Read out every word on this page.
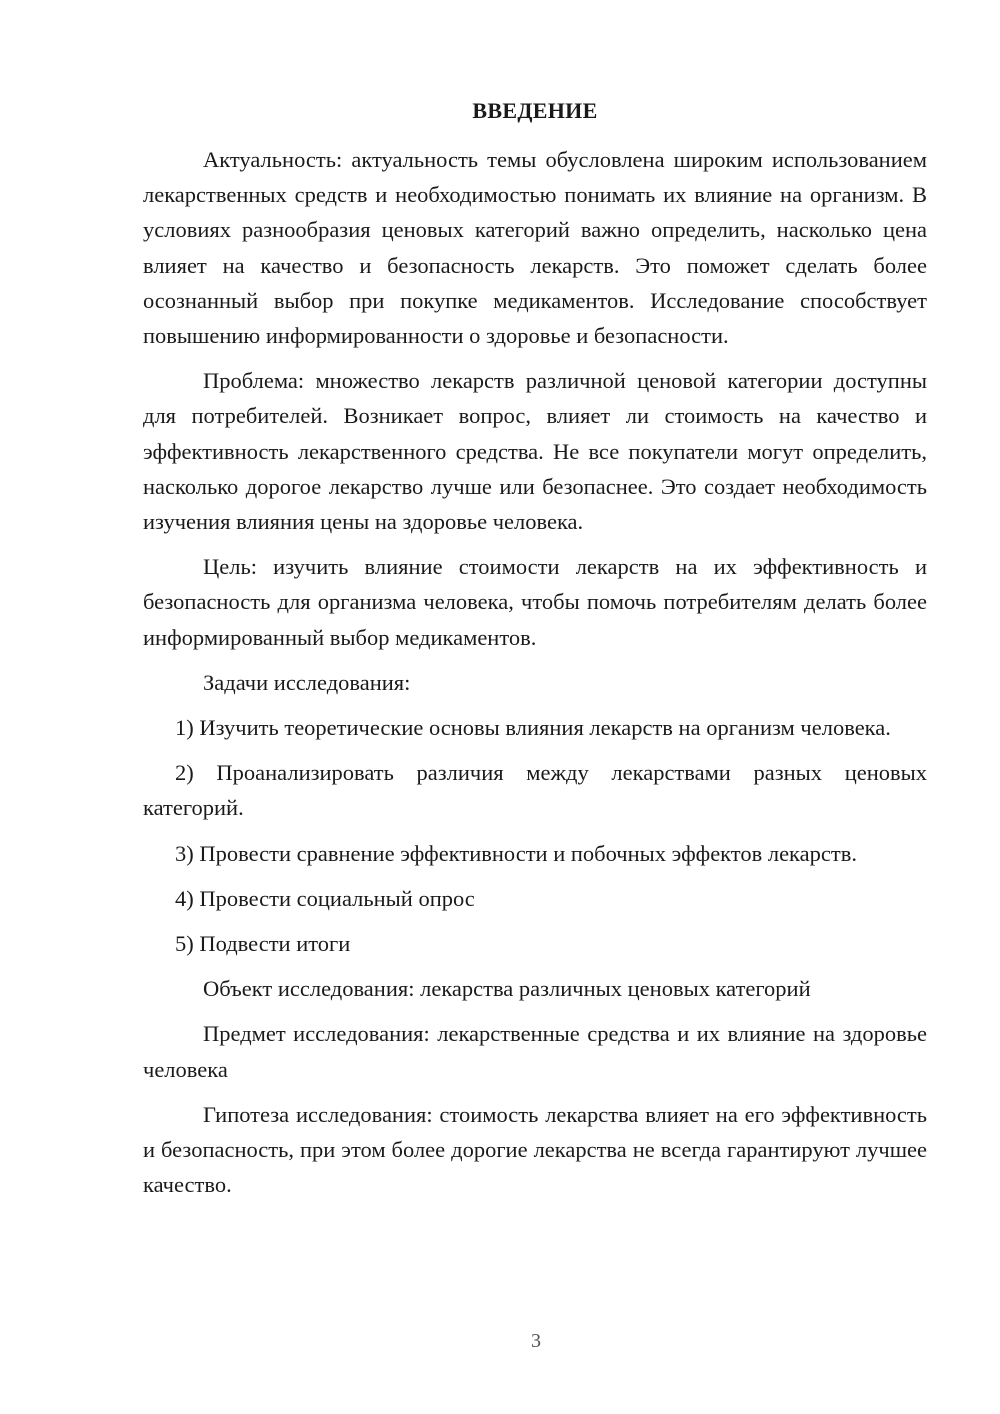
ВВЕДЕНИЕ

Актуальность: актуальность темы обусловлена широким использованием лекарственных средств и необходимостью понимать их влияние на организм. В условиях разнообразия ценовых категорий важно определить, насколько цена влияет на качество и безопасность лекарств. Это поможет сделать более осознанный выбор при покупке медикаментов. Исследование способствует повышению информированности о здоровье и безопасности.

Проблема: множество лекарств различной ценовой категории доступны для потребителей. Возникает вопрос, влияет ли стоимость на качество и эффективность лекарственного средства. Не все покупатели могут определить, насколько дорогое лекарство лучше или безопаснее. Это создает необходимость изучения влияния цены на здоровье человека.

Цель: изучить влияние стоимости лекарств на их эффективность и безопасность для организма человека, чтобы помочь потребителям делать более информированный выбор медикаментов.

Задачи исследования:

1) Изучить теоретические основы влияния лекарств на организм человека.

2) Проанализировать различия между лекарствами разных ценовых категорий.

3) Провести сравнение эффективности и побочных эффектов лекарств.

4) Провести социальный опрос

5) Подвести итоги

Объект исследования: лекарства различных ценовых категорий

Предмет исследования: лекарственные средства и их влияние на здоровье человека

Гипотеза исследования: стоимость лекарства влияет на его эффективность и безопасность, при этом более дорогие лекарства не всегда гарантируют лучшее качество.

3
